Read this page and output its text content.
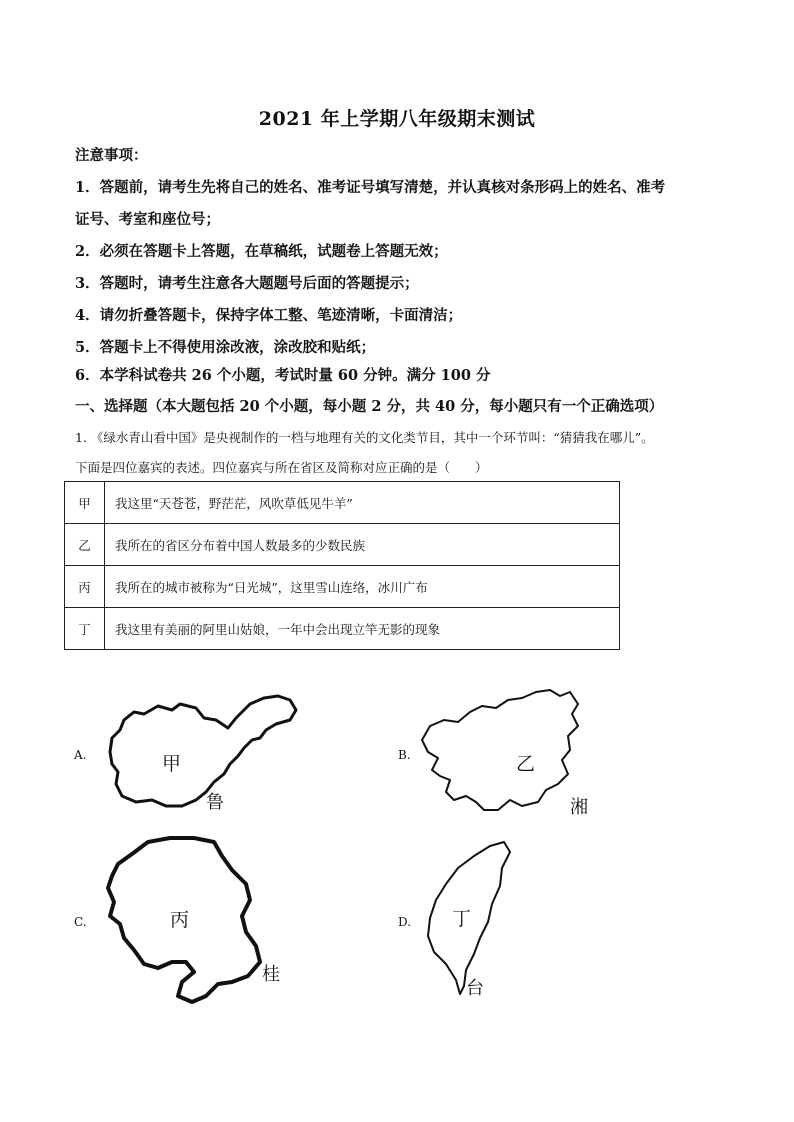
2021 年上学期八年级期末测试
注意事项：
1．答题前，请考生先将自己的姓名、准考证号填写清楚，并认真核对条形码上的姓名、准考
证号、考室和座位号；
2．必须在答题卡上答题，在草稿纸，试题卷上答题无效；
3．答题时，请考生注意各大题题号后面的答题提示；
4．请勿折叠答题卡，保持字体工整、笔迹清晰，卡面清洁；
5．答题卡上不得使用涂改液，涂改胶和贴纸；
6．本学科试卷共 26 个小题，考试时量 60 分钟。满分 100 分
一、选择题（本大题包括 20 个小题，每小题 2 分，共 40 分，每小题只有一个正确选项）
1. 《绿水青山看中国》是央视制作的一档与地理有关的文化类节目，其中一个环节叫：“猜猜我在哪儿”。
下面是四位嘉宾的表述。四位嘉宾与所在省区及简称对应正确的是（　　）
甲	我这里“天苍苍，野茫茫，风吹草低见牛羊”
乙	我所在的省区分布着中国人数最多的少数民族
丙	我所在的城市被称为“日光城”，这里雪山连络，冰川广布
丁	我这里有美丽的阿里山姑娘，一年中会出现立竿无影的现象
A.	甲
鲁
B.	乙
湘
C.	丙
桂
D. 丁
台
